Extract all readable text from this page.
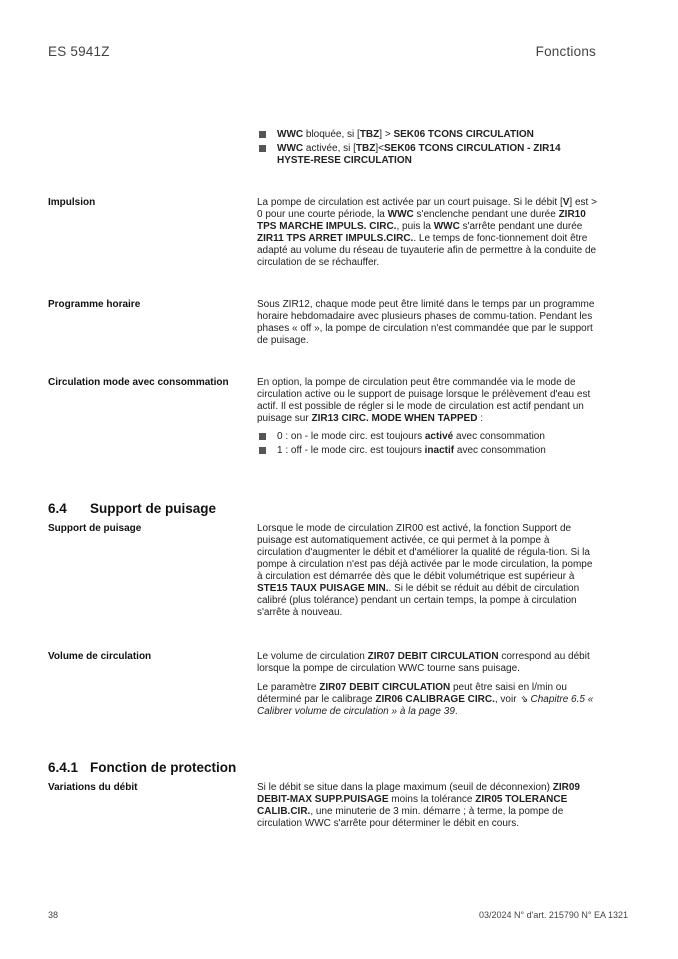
ES 5941Z	Fonctions
WWC bloquée, si [TBZ] > SEK06 TCONS CIRCULATION
WWC activée, si [TBZ]<SEK06 TCONS CIRCULATION - ZIR14 HYSTE-RESE CIRCULATION
Impulsion	La pompe de circulation est activée par un court puisage. Si le débit [V] est > 0 pour une courte période, la WWC s'enclenche pendant une durée ZIR10 TPS MARCHE IMPULS. CIRC., puis la WWC s'arrête pendant une durée ZIR11 TPS ARRET IMPULS.CIRC.. Le temps de fonc-tionnement doit être adapté au volume du réseau de tuyauterie afin de permettre à la conduite de circulation de se réchauffer.

Programme horaire	Sous ZIR12, chaque mode peut être limité dans le temps par un programme horaire hebdomadaire avec plusieurs phases de commu-tation. Pendant les phases « off », la pompe de circulation n'est commandée que par le support de puisage.

Circulation mode avec consommation	En option, la pompe de circulation peut être commandée via le mode de circulation active ou le support de puisage lorsque le prélèvement d'eau est actif. Il est possible de régler si le mode de circulation est actif pendant un puisage sur ZIR13 CIRC. MODE WHEN TAPPED :

0 : on - le mode circ. est toujours activé avec consommation
1 : off - le mode circ. est toujours inactif avec consommation
6.4 Support de puisage
Support de puisage	Lorsque le mode de circulation ZIR00 est activé, la fonction Support de puisage est automatiquement activée, ce qui permet à la pompe à circulation d'augmenter le débit et d'améliorer la qualité de régula-tion. Si la pompe à circulation n'est pas déjà activée par le mode circulation, la pompe à circulation est démarrée dès que le débit volumétrique est supérieur à STE15 TAUX PUISAGE MIN.. Si le débit se réduit au débit de circulation calibré (plus tolérance) pendant un certain temps, la pompe à circulation s'arrête à nouveau.

Volume de circulation	Le volume de circulation ZIR07 DEBIT CIRCULATION correspond au débit lorsque la pompe de circulation WWC tourne sans puisage.

Le paramètre ZIR07 DEBIT CIRCULATION peut être saisi en l/min ou déterminé par le calibrage ZIR06 CALIBRAGE CIRC., voir ⇘ Chapitre 6.5 « Calibrer volume de circulation » à la page 39.

6.4.1 Fonction de protection
Variations du débit	Si le débit se situe dans la plage maximum (seuil de déconnexion) ZIR09 DEBIT-MAX SUPP.PUISAGE moins la tolérance ZIR05 TOLERANCE CALIB.CIR., une minuterie de 3 min. démarre ; à terme, la pompe de circulation WWC s'arrête pour déterminer le débit en cours.

38	03/2024 N° d'art. 215790 N° EA 1321
